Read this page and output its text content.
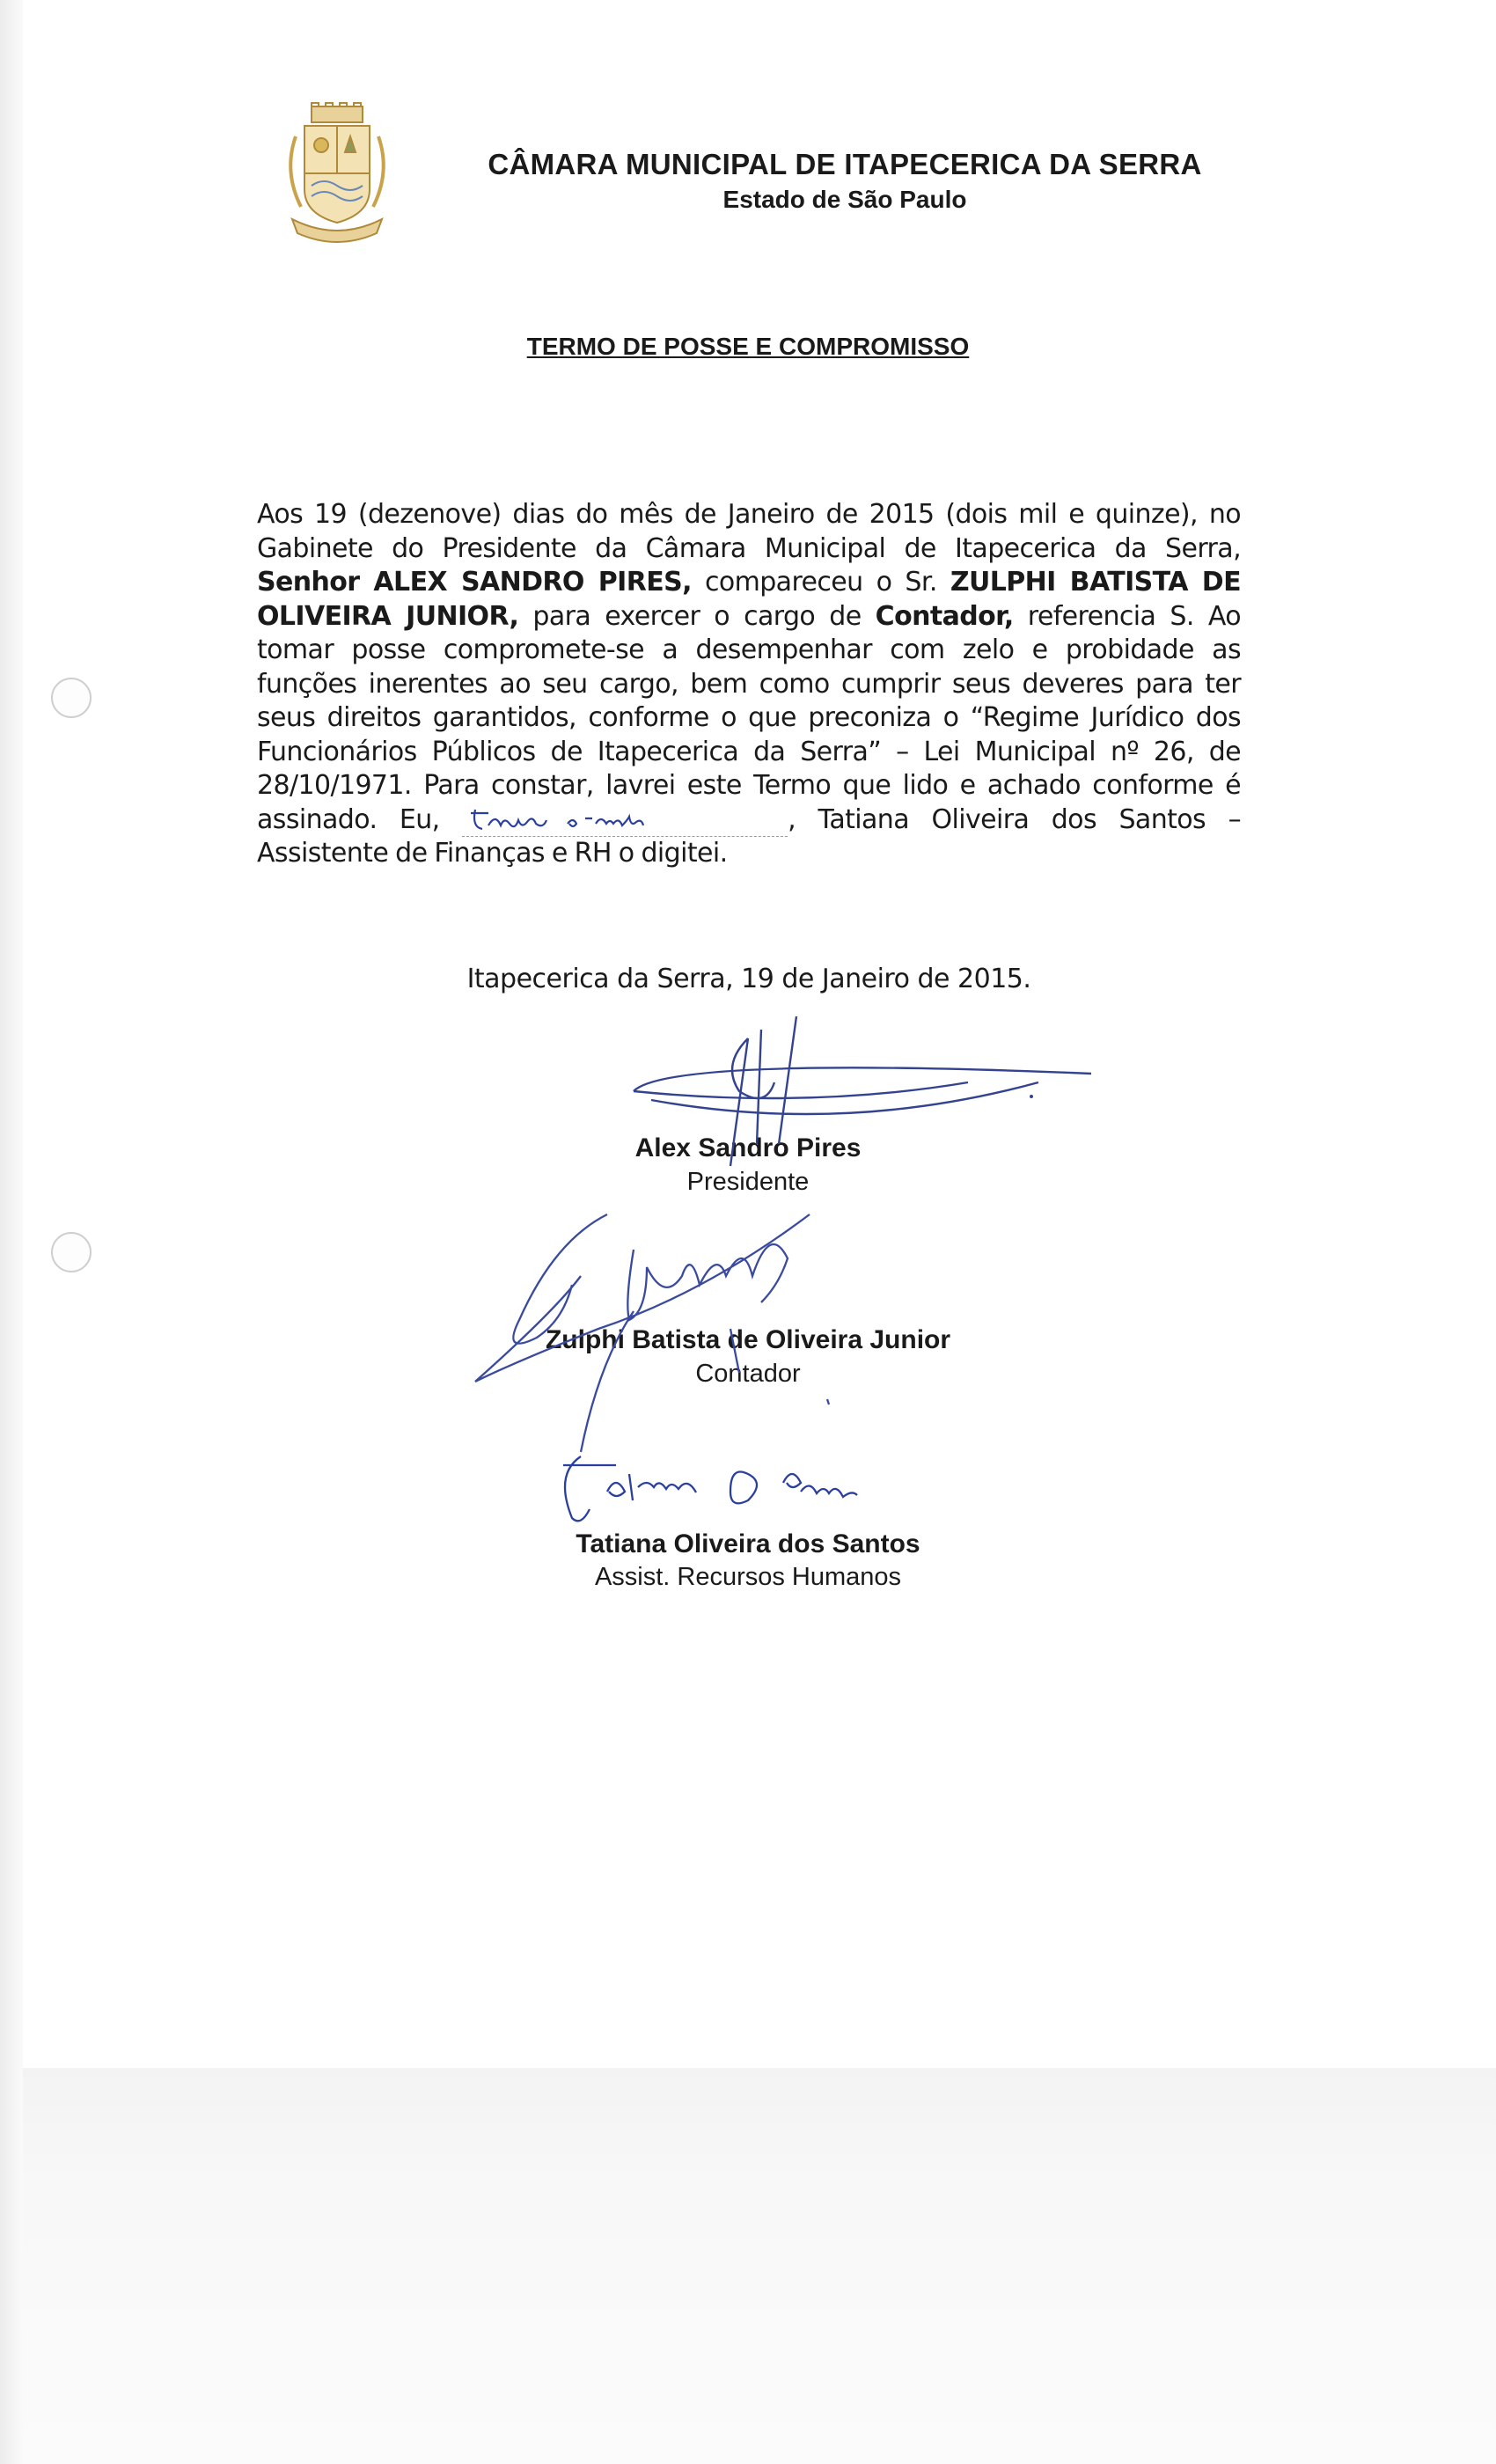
CÂMARA MUNICIPAL DE ITAPECERICA DA SERRA
Estado de São Paulo
TERMO DE POSSE E COMPROMISSO
Aos 19 (dezenove) dias do mês de Janeiro de 2015 (dois mil e quinze), no Gabinete do Presidente da Câmara Municipal de Itapecerica da Serra, Senhor ALEX SANDRO PIRES, compareceu o Sr. ZULPHI BATISTA DE OLIVEIRA JUNIOR, para exercer o cargo de Contador, referencia S. Ao tomar posse compromete-se a desempenhar com zelo e probidade as funções inerentes ao seu cargo, bem como cumprir seus deveres para ter seus direitos garantidos, conforme o que preconiza o “Regime Jurídico dos Funcionários Públicos de Itapecerica da Serra” – Lei Municipal nº 26, de 28/10/1971. Para constar, lavrei este Termo que lido e achado conforme é assinado. Eu,	, Tatiana Oliveira dos Santos – Assistente de Finanças e RH o digitei.
Itapecerica da Serra, 19 de Janeiro de 2015.
Alex Sandro Pires
Presidente
Zulphi Batista de Oliveira Junior
Contador
Tatiana Oliveira dos Santos
Assist. Recursos Humanos
